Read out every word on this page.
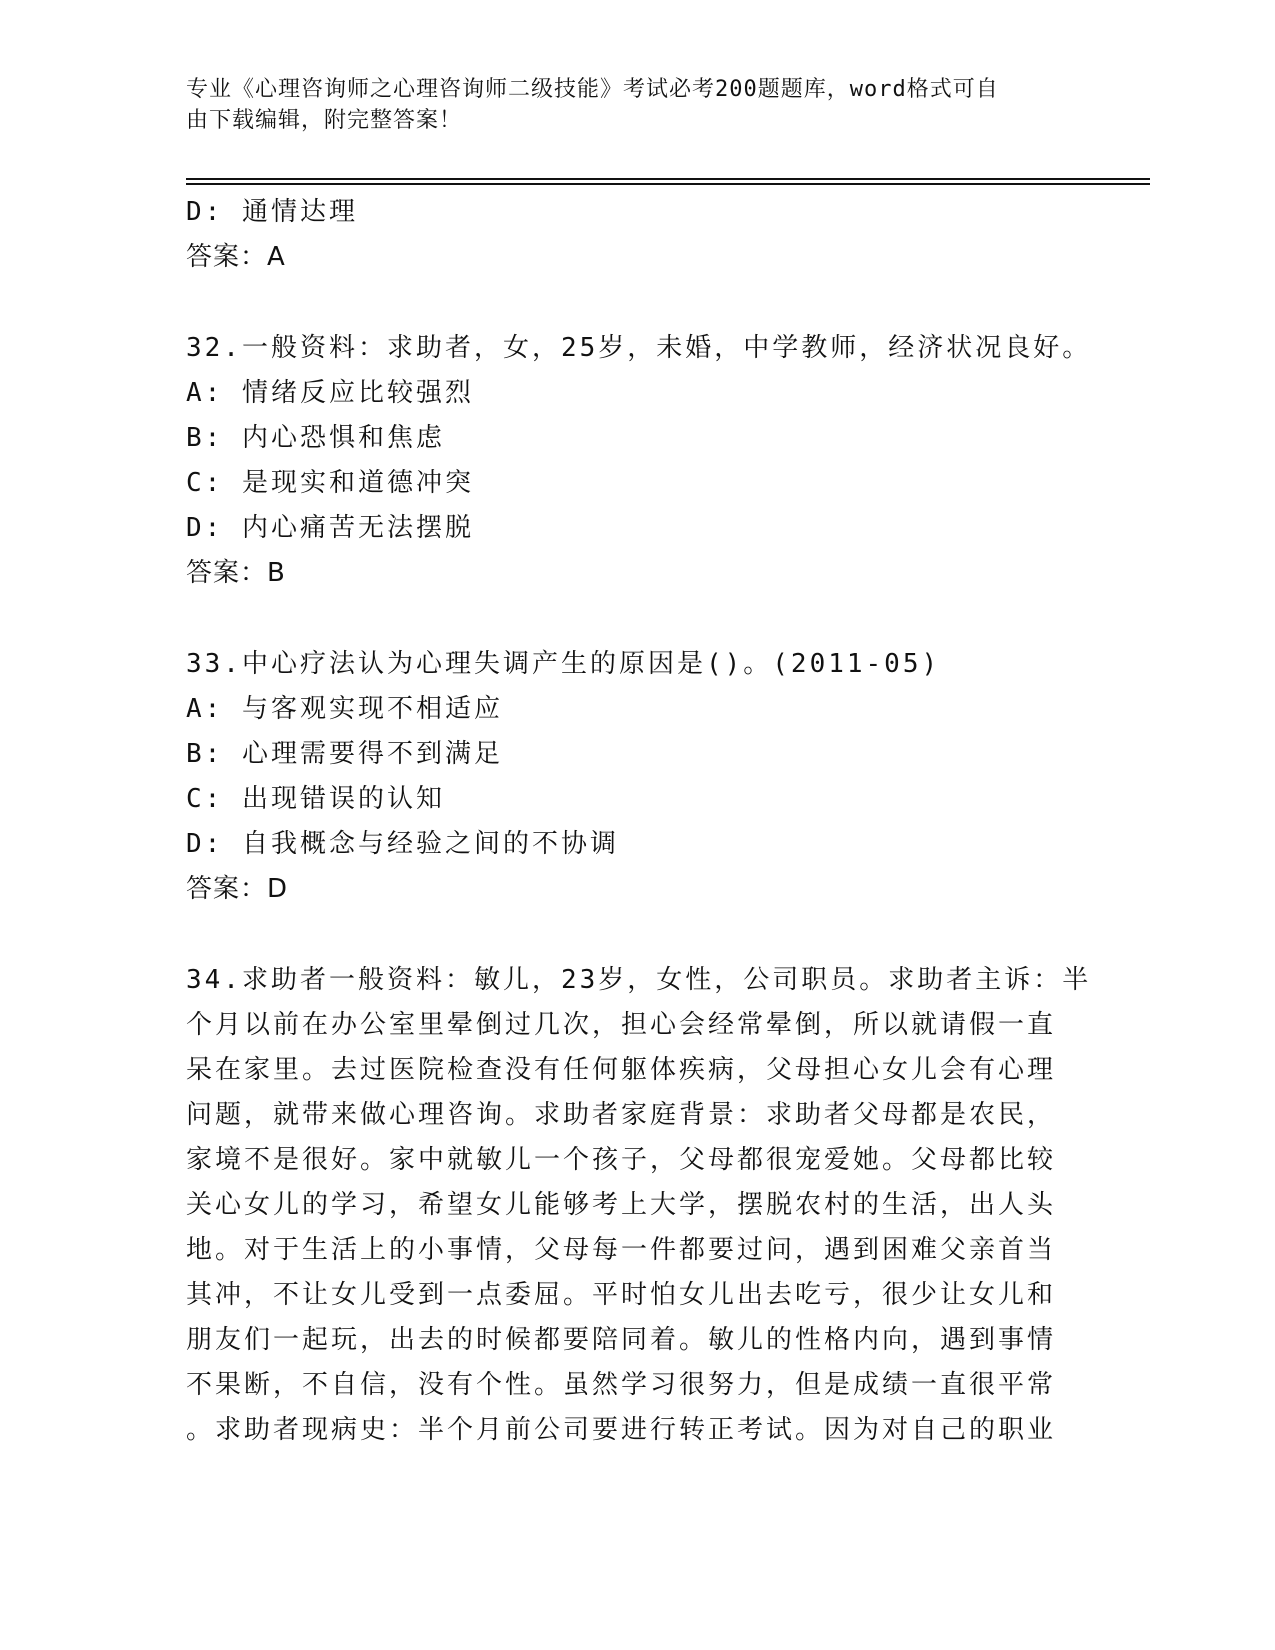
专业《心理咨询师之心理咨询师二级技能》考试必考200题题库，word格式可自
由下载编辑，附完整答案！
D: 通情达理
答案：A
32.一般资料：求助者，女，25岁，未婚，中学教师，经济状况良好。
A: 情绪反应比较强烈
B: 内心恐惧和焦虑
C: 是现实和道德冲突
D: 内心痛苦无法摆脱
答案：B
33.中心疗法认为心理失调产生的原因是()。(2011-05)
A: 与客观实现不相适应
B: 心理需要得不到满足
C: 出现错误的认知
D: 自我概念与经验之间的不协调
答案：D
34.求助者一般资料：敏儿，23岁，女性，公司职员。求助者主诉：半
个月以前在办公室里晕倒过几次，担心会经常晕倒，所以就请假一直
呆在家里。去过医院检查没有任何躯体疾病，父母担心女儿会有心理
问题，就带来做心理咨询。求助者家庭背景：求助者父母都是农民，
家境不是很好。家中就敏儿一个孩子，父母都很宠爱她。父母都比较
关心女儿的学习，希望女儿能够考上大学，摆脱农村的生活，出人头
地。对于生活上的小事情，父母每一件都要过问，遇到困难父亲首当
其冲，不让女儿受到一点委屈。平时怕女儿出去吃亏，很少让女儿和
朋友们一起玩，出去的时候都要陪同着。敏儿的性格内向，遇到事情
不果断，不自信，没有个性。虽然学习很努力，但是成绩一直很平常
。求助者现病史：半个月前公司要进行转正考试。因为对自己的职业
